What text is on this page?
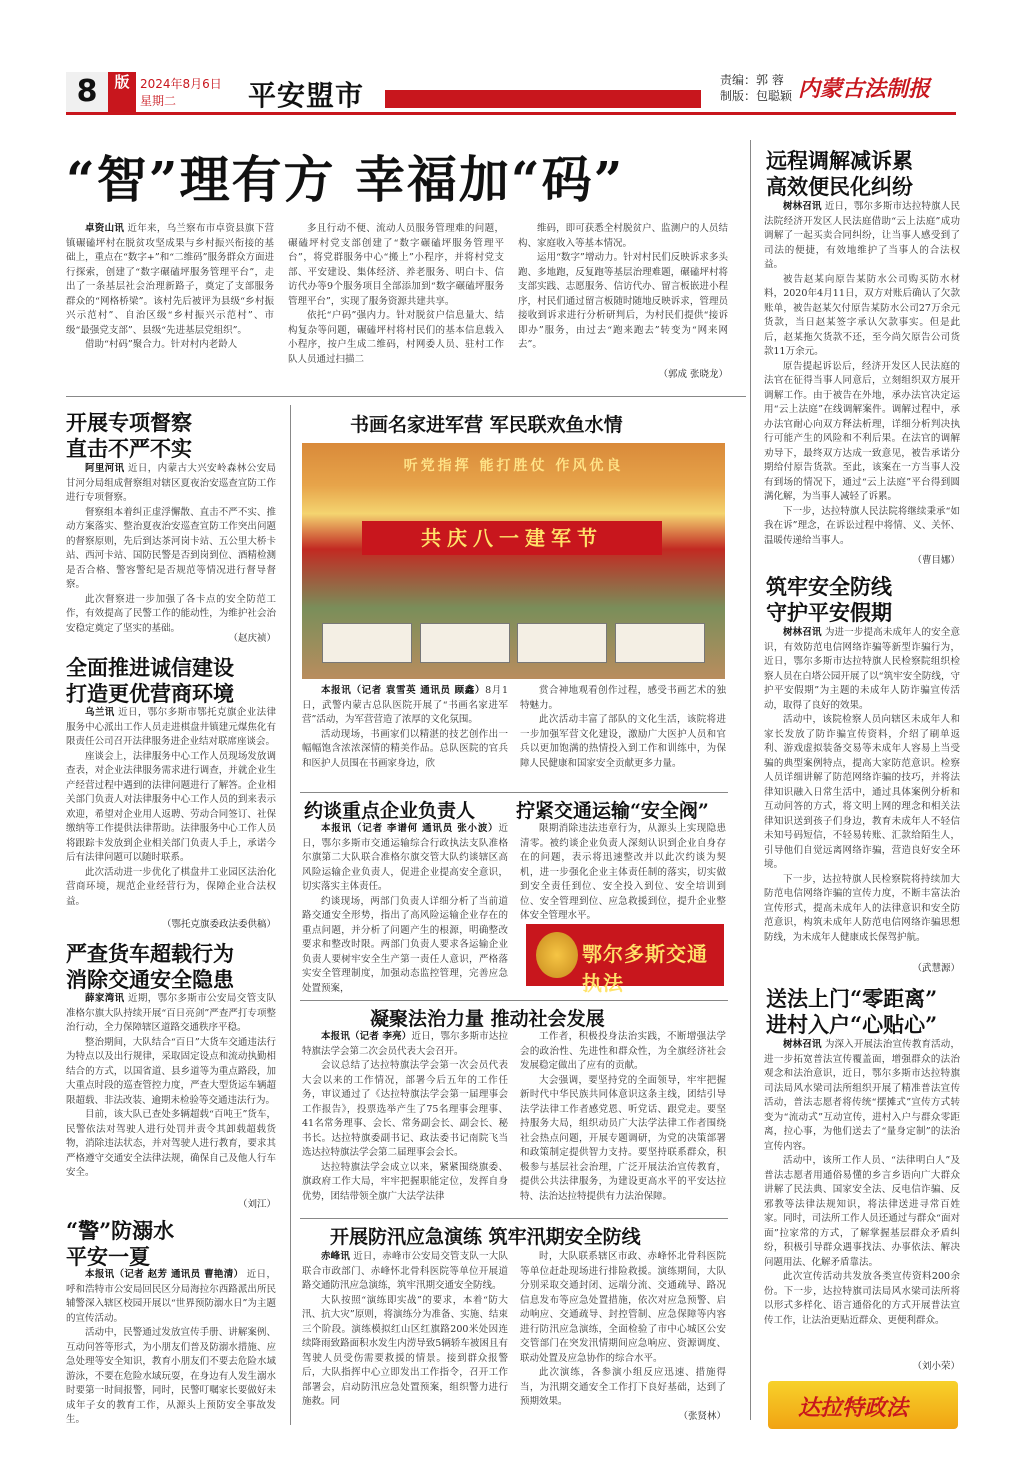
8	版 2024年8月6日
星期二	平安盟市	责编：郭 蓉
制版：包聪颖 内蒙古法制报
“智”理有方 幸福加“码”

卓资山讯 近年来，乌兰察布市卓资县旗下营镇碾磕坪村在脱贫攻坚成果与乡村振兴衔接的基础上，重点在“数字+”和“二维码”服务群众方面进行探索，创建了“数字碾磕坪服务管理平台”，走出了一条基层社会治理新路子，奠定了支部服务群众的“网格桥梁”。该村先后被评为县级“乡村振兴示范村”、自治区级“乡村振兴示范村”、市级“最强党支部”、县级“先进基层党组织”。

借助“村码”聚合力。针对村内老龄人

多且行动不便、流动人员服务管理难的问题，碾磕坪村党支部创建了“数字碾磕坪服务管理平台”，将党群服务中心“搬上”小程序，并将村党支部、平安建设、集体经济、养老服务、明白卡、信访代办等9个服务项目全部添加到“数字碾磕坪服务管理平台”，实现了服务资源共建共享。

依托“户码”强内力。针对脱贫户信息量大、结构复杂等问题，碾磕坪村将村民们的基本信息载入小程序，按户生成二维码，村网委人员、驻村工作队人员通过扫描二

维码，即可获悉全村脱贫户、监测户的人员结构、家庭收入等基本情况。

运用“数字”增动力。针对村民们反映诉求多头跑、多地跑，反复跑等基层治理难题，碾磕坪村将支部实践、志愿服务、信访代办、留言板嵌进小程序，村民们通过留言板随时随地反映诉求，管理员接收到诉求进行分析研判后，为村民们提供“接诉即办”服务，由过去“跑来跑去”转变为“网来网去”。

（郭成 张晓龙）
开展专项督察
直击不严不实

阿里河讯 近日，内蒙古大兴安岭森林公安局甘河分局组成督察组对辖区夏夜治安巡查宣防工作进行专项督察。

督察组本着纠正虚浮懈散、直击不严不实、推动方案落实、整治夏夜治安巡查宣防工作突出问题的督察原则，先后到达茶河岗卡站、五公里大桥卡站、西河卡站、国防民警是否到岗到位、酒精检测是否合格、警容警纪是否规范等情况进行督导督察。

此次督察进一步加强了各卡点的安全防范工作，有效提高了民警工作的能动性，为维护社会治安稳定奠定了坚实的基础。

（赵庆祯）
全面推进诚信建设
打造更优营商环境

乌兰讯 近日，鄂尔多斯市鄂托克旗企业法律服务中心派出工作人员走进棋盘井镇建元煤焦化有限责任公司召开法律服务进企业结对联席座谈会。

座谈会上，法律服务中心工作人员现场发放调查表，对企业法律服务需求进行调查，并就企业生产经营过程中遇到的法律问题进行了解答。企业相关部门负责人对法律服务中心工作人员的到来表示欢迎，希望对企业用人返聘、劳动合同签订、社保缴纳等工作提供法律帮助。法律服务中心工作人员将跟踪卡发放到企业相关部门负责人手上，承诺今后有法律问题可以随时联系。

此次活动进一步优化了棋盘井工业园区法治化营商环境，规范企业经营行为，保障企业合法权益。

（鄂托克旗委政法委供稿）
严查货车超载行为
消除交通安全隐患

薛家湾讯 近期，鄂尔多斯市公安局交管支队准格尔旗大队持续开展“百日亮剑”严查严打专项整治行动，全力保障辖区道路交通秩序平稳。

整治期间，大队结合“百日”大货车交通违法行为特点以及出行规律，采取固定设点和流动执勤相结合的方式，以国省道、县乡道等为重点路段，加大重点时段的巡查管控力度，严查大型货运车辆超限超载、非法改装、逾期未检验等交通违法行为。

目前，该大队已查处多辆超载“百吨王”货车，民警依法对驾驶人进行处罚并责令其卸载超载货物，消除违法状态，并对驾驶人进行教育，要求其严格遵守交通安全法律法规，确保自己及他人行车安全。

（刘江）
“警”防溺水
平安一夏

本报讯（记者 赵芳 通讯员 曹艳清） 近日，呼和浩特市公安局回民区分局海拉尔西路派出所民辅警深入辖区校园开展以“世界预防溺水日”为主题的宣传活动。

活动中，民警通过发放宣传手册、讲解案例、互动问答等形式，为小朋友们普及防溺水措施、应急处理等安全知识，教育小朋友们不要去危险水域游泳，不要在危险水域玩耍，在身边有人发生溺水时要第一时间报警，同时，民警叮嘱家长要做好未成年子女的教育工作，从源头上预防安全事故发生。

书画名家进军营 军民联欢鱼水情
听党指挥 能打胜仗 作风优良
共庆八一建军节

本报讯（记者 袁雪英 通讯员 顾鑫）8月1日，武警内蒙古总队医院开展了“书画名家进军营”活动，为军营营造了浓厚的文化氛围。

活动现场，书画家们以精湛的技艺创作出一幅幅饱含浓浓深情的精美作品。总队医院的官兵和医护人员围在书画家身边，欣

赏合神地观看创作过程，感受书画艺术的独特魅力。

此次活动丰富了部队的文化生活，该院将进一步加强军营文化建设，激励广大医护人员和官兵以更加饱满的热情投入到工作和训练中，为保障人民健康和国家安全贡献更多力量。

约谈重点企业负责人 拧紧交通运输“安全阀”

本报讯（记者 李谱何 通讯员 张小波）近日，鄂尔多斯市交通运输综合行政执法支队准格尔旗第二大队联合准格尔旗交管大队约谈辖区高风险运输企业负责人，促进企业提高安全意识，切实落实主体责任。

约谈现场，两部门负责人详细分析了当前道路交通安全形势，指出了高风险运输企业存在的重点问题，并分析了问题产生的根源，明确整改要求和整改时限。两部门负责人要求各运输企业负责人要树牢安全生产第一责任人意识，严格落实安全管理制度，加强动态监控管理，完善应急处置预案，

限期消除违法违章行为，从源头上实现隐患清零。被约谈企业负责人深刻认识到企业自身存在的问题，表示将迅速整改并以此次约谈为契机，进一步强化企业主体责任制的落实，切实做到安全责任到位、安全投入到位、安全培训到位、安全管理到位、应急救援到位，提升企业整体安全管理水平。

鄂尔多斯交通执法
凝聚法治力量 推动社会发展

本报讯（记者 李亮）近日，鄂尔多斯市达拉特旗法学会第二次会员代表大会召开。

会议总结了达拉特旗法学会第一次会员代表大会以来的工作情况，部署今后五年的工作任务，审议通过了《达拉特旗法学会第一届理事会工作报告》，投票选举产生了75名理事会理事、41名常务理事、会长、常务副会长、副会长、秘书长。达拉特旗委副书记、政法委书记南院飞当选达拉特旗法学会第二届理事会会长。

达拉特旗法学会成立以来，紧紧围绕旗委、旗政府工作大局，牢牢把握职能定位，发挥自身优势，团结带领全旗广大法学法律

工作者，积极投身法治实践，不断增强法学会的政治性、先进性和群众性，为全旗经济社会发展稳定做出了应有的贡献。

大会强调，要坚持党的全面领导，牢牢把握新时代中华民族共同体意识这条主线，团结引导法学法律工作者感党恩、听党话、跟党走。要坚持服务大局，组织动员广大法学法律工作者围绕社会热点问题，开展专题调研，为党的决策部署和政策制定提供智力支持。要坚持联系群众，积极参与基层社会治理，广泛开展法治宣传教育，提供公共法律服务，为建设更高水平的平安达拉特、法治达拉特提供有力法治保障。

开展防汛应急演练 筑牢汛期安全防线

赤峰讯 近日，赤峰市公安局交管支队一大队联合市政部门、赤峰怀北骨科医院等单位开展道路交通防汛应急演练，筑牢汛期交通安全防线。

大队按照“演练即实战”的要求，本着“防大汛、抗大灾”原则，将演练分为准备、实施、结束三个阶段。演练模拟红山区红旗路200米处因连续降雨致路面积水发生内涝导致5辆轿车被困且有驾驶人员受伤需要救援的情景。接到群众报警后，大队指挥中心立即发出工作指令，召开工作部署会，启动防汛应急处置预案，组织警力进行施救。同

时，大队联系辖区市政、赤峰怀北骨科医院等单位赶赴现场进行排险救援。演练期间，大队分别采取交通封闭、远端分流、交通疏导、路况信息发布等应急处置措施，依次对应急预警、启动响应、交通疏导、封控管制、应急保障等内容进行防汛应急演练，全面检验了市中心城区公安交管部门在突发汛情期间应急响应、资源调度、联动处置及应急协作的综合水平。

此次演练，各参演小组反应迅速、措施得当，为汛期交通安全工作打下良好基础，达到了预期效果。

（张贤林）
远程调解减诉累
高效便民化纠纷

树林召讯 近日，鄂尔多斯市达拉特旗人民法院经济开发区人民法庭借助“云上法庭”成功调解了一起买卖合同纠纷，让当事人感受到了司法的便捷，有效地维护了当事人的合法权益。

被告赵某向原告某防水公司购买防水材料，2020年4月11日，双方对账后确认了欠款账单，被告赵某欠付原告某防水公司27万余元货款，当日赵某签字承认欠款事实。但是此后，赵某拖欠货款不还，至今尚欠原告公司货款11万余元。

原告提起诉讼后，经济开发区人民法庭的法官在征得当事人同意后，立刻组织双方展开调解工作。由于被告在外地，承办法官决定运用“云上法庭”在线调解案件。调解过程中，承办法官耐心向双方释法析理，详细分析判决执行可能产生的风险和不利后果。在法官的调解劝导下，最终双方达成一致意见，被告承诺分期给付原告货款。至此，该案在一方当事人没有到场的情况下，通过“云上法庭”平台得到圆满化解，为当事人减轻了诉累。

下一步，达拉特旗人民法院将继续秉承“如我在诉”理念，在诉讼过程中将情、义、关怀、温暖传递给当事人。

（曹目娜）
筑牢安全防线
守护平安假期

树林召讯 为进一步提高未成年人的安全意识，有效防范电信网络诈骗等新型诈骗行为，近日，鄂尔多斯市达拉特旗人民检察院组织检察人员在白塔公园开展了以“筑牢安全防线，守护平安假期”为主题的未成年人防诈骗宣传活动，取得了良好的效果。

活动中，该院检察人员向辖区未成年人和家长发放了防诈骗宣传资料，介绍了刷单返利、游戏虚拟装备交易等未成年人容易上当受骗的典型案例特点，提高大家防范意识。检察人员详细讲解了防范网络诈骗的技巧，并将法律知识融入日常生活中，通过具体案例分析和互动问答的方式，将文明上网的理念和相关法律知识送到孩子们身边，教育未成年人不轻信未知号码短信，不轻易转账、汇款给陌生人，引导他们自觉远离网络诈骗，营造良好安全环境。

下一步，达拉特旗人民检察院将持续加大防范电信网络诈骗的宣传力度，不断丰富法治宣传形式，提高未成年人的法律意识和安全防范意识，构筑未成年人防范电信网络诈骗思想防线，为未成年人健康成长保驾护航。

（武慧源）
送法上门“零距离”
进村入户“心贴心”

树林召讯 为深入开展法治宣传教育活动，进一步拓宽普法宣传覆盖面，增强群众的法治观念和法治意识，近日，鄂尔多斯市达拉特旗司法局风水梁司法所组织开展了精准普法宣传活动，普法志愿者将传统“摆摊式”宣传方式转变为“流动式”互动宣传，进村入户与群众零距离，拉心事，为他们送去了“量身定制”的法治宣传内容。

活动中，该所工作人员、“法律明白人”及普法志愿者用通俗易懂的乡言乡语向广大群众讲解了民法典、国家安全法、反电信诈骗、反邪教等法律法规知识，将法律送进寻常百姓家。同时，司法所工作人员还通过与群众“面对面”拉家常的方式，了解掌握基层群众矛盾纠纷，积极引导群众遇事找法、办事依法、解决问题用法、化解矛盾靠法。

此次宣传活动共发放各类宣传资料200余份。下一步，达拉特旗司法局风水梁司法所将以形式多样化、语言通俗化的方式开展普法宣传工作，让法治更贴近群众、更便利群众。

（刘小荣）
达拉特政法
